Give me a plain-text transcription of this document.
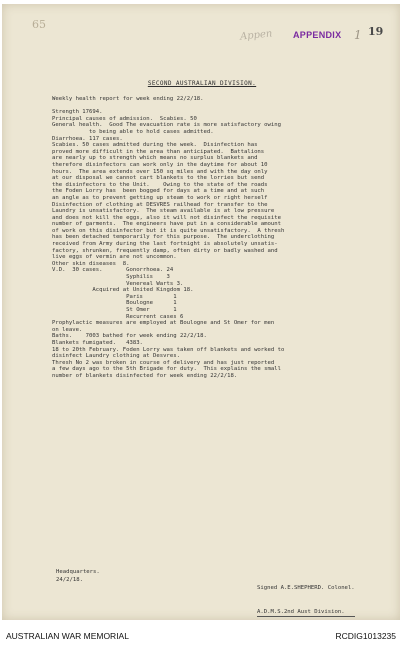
65
Appen APPENDIX 1 19
SECOND AUSTRALIAN DIVISION.
Weekly health report for week ending 22/2/18.

Strength 17694.
Principal causes of admission.  Scabies. 50
General health.  Good The evacuation rate is more satisfactory owing
to being able to hold cases admitted.
Diarrhoea. 117 cases.
Scabies. 50 cases admitted during the week.  Disinfection has
proved more difficult in the area than anticipated.  Battalions
are nearly up to strength which means no surplus blankets and
therefore disinfectors can work only in the daytime for about 10
hours.  The area extends over 150 sq miles and with the day only
at our disposal we cannot cart blankets to the lorries but send
the disinfectors to the Unit.    Owing to the state of the roads
the Foden Lorry has  been bogged for days at a time and at such
an angle as to prevent getting up steam to work or right herself
Disinfection of clothing at DESVRES railhead for transfer to the
Laundry is unsatisfactory.  The steam available is at low pressure
and does not kill the eggs, also it will not disinfect the requisite
number of garments.  The engineers have put in a considerable amount
of work on this disinfector but it is quite unsatisfactory.  A thresh
has been detached temporarily for this purpose.  The underclothing
received from Army during the last fortnight is absolutely unsatis-
factory, shrunken, frequently damp, often dirty or badly washed and
live eggs of vermin are not uncommon.
Other skin diseases  8.
V.D.  30 cases.       Gonorrhoea. 24
Syphilis    3
Venereal Warts 3.
Acquired at United Kingdom 18.
Paris         1
Boulogne      1
St Omer       1
Recurrent cases 6
Prophylactic measures are employed at Boulogne and St Omer for men
on leave.
Baths.    7003 bathed for week ending 22/2/18.
Blankets fumigated.   4383.
18 to 20th February. Foden Lorry was taken off blankets and worked to
disinfect Laundry clothing at Desvres.
Thresh No 2 was broken in course of delivery and has just reported
a few days ago to the 5th Brigade for duty.  This explains the small
number of blankets disinfected for week ending 22/2/18.
Headquarters.
24/2/18.

Signed A.E.SHEPHERD. Colonel.

A.D.M.S.2nd Aust Division.

AUSTRALIAN WAR MEMORIAL	RCDIG1013235
